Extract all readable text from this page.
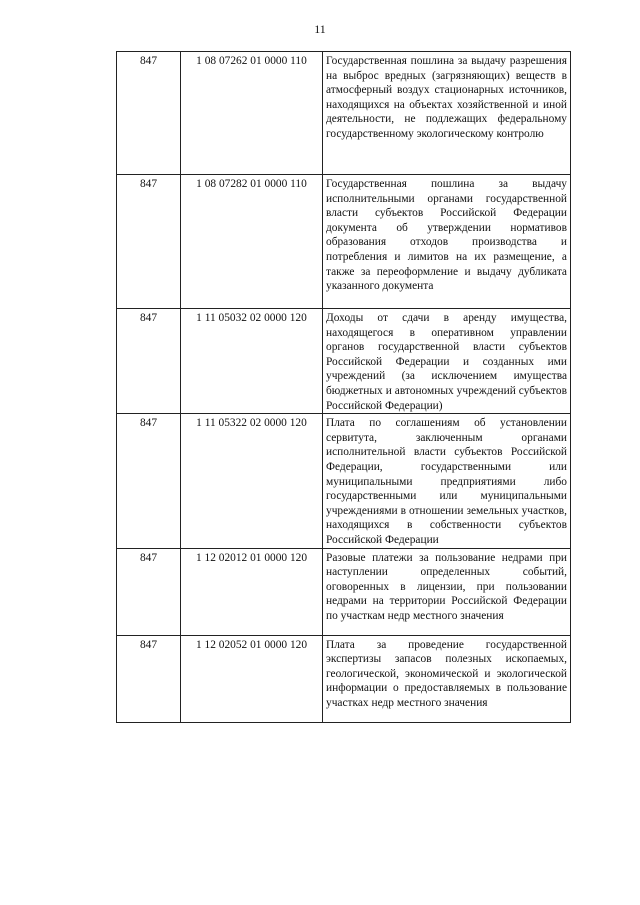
11
847	1 08 07262 01 0000 110	Государственная пошлина за выдачу разрешения на выброс вредных (загрязняющих) веществ в атмосферный воздух стационарных источников, находящихся на объектах хозяйственной и иной деятельности, не подлежащих федеральному государственному экологическому контролю
847	1 08 07282 01 0000 110	Государственная пошлина за выдачу исполнительными органами государственной власти субъектов Российской Федерации документа об утверждении нормативов образования отходов производства и потребления и лимитов на их размещение, а также за переоформление и выдачу дубликата указанного документа
847	1 11 05032 02 0000 120	Доходы от сдачи в аренду имущества, находящегося в оперативном управлении органов государственной власти субъектов Российской Федерации и созданных ими учреждений (за исключением имущества бюджетных и автономных учреждений субъектов Российской Федерации)
847	1 11 05322 02 0000 120	Плата по соглашениям об установлении сервитута, заключенным органами исполнительной власти субъектов Российской Федерации, государственными или муниципальными предприятиями либо государственными или муниципальными учреждениями в отношении земельных участков, находящихся в собственности субъектов Российской Федерации
847	1 12 02012 01 0000 120	Разовые платежи за пользование недрами при наступлении определенных событий, оговоренных в лицензии, при пользовании недрами на территории Российской Федерации по участкам недр местного значения
847	1 12 02052 01 0000 120	Плата за проведение государственной экспертизы запасов полезных ископаемых, геологической, экономической и экологической информации о предоставляемых в пользование участках недр местного значения
